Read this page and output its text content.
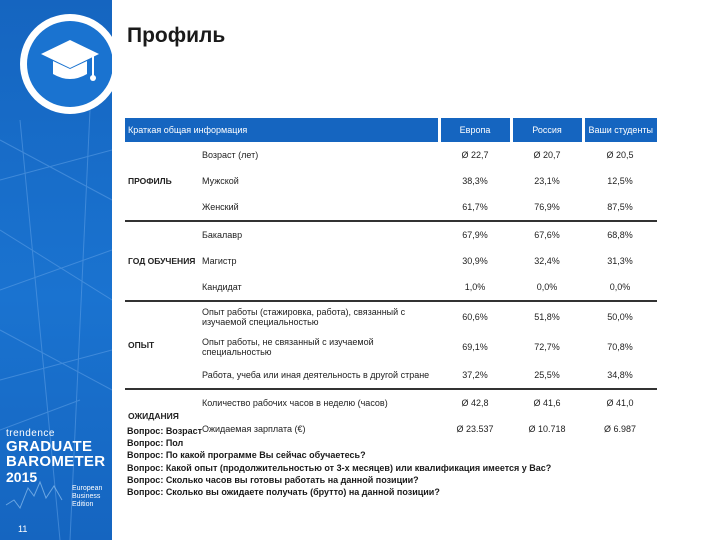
trendence
GRADUATE
BAROMETER
2015
European
Business
Edition
11
Профиль
Краткая общая информация		Европа	Россия	Ваши студенты
ПРОФИЛЬ	Возраст (лет)	Ø 22,7	Ø 20,7	Ø 20,5
	Мужской	38,3%	23,1%	12,5%
	Женский	61,7%	76,9%	87,5%
ГОД ОБУЧЕНИЯ	Бакалавр	67,9%	67,6%	68,8%
	Магистр	30,9%	32,4%	31,3%
	Кандидат	1,0%	0,0%	0,0%
ОПЫТ	Опыт работы (стажировка, работа), связанный с изучаемой специальностью	60,6%	51,8%	50,0%
	Опыт работы, не связанный с изучаемой специальностью	69,1%	72,7%	70,8%
	Работа, учеба или иная деятельность в другой стране	37,2%	25,5%	34,8%
ОЖИДАНИЯ	Количество рабочих часов в неделю (часов)	Ø 42,8	Ø 41,6	Ø 41,0
	Ожидаемая зарплата (€)	Ø 23.537	Ø 10.718	Ø 6.987
Вопрос: Возраст
Вопрос: Пол
Вопрос: По какой программе Вы сейчас обучаетесь?
Вопрос: Какой опыт (продолжительностью от 3-х месяцев) или квалификация имеется у Вас?
Вопрос: Сколько часов вы готовы работать на данной позиции?
Вопрос: Сколько вы ожидаете получать (брутто) на данной позиции?
